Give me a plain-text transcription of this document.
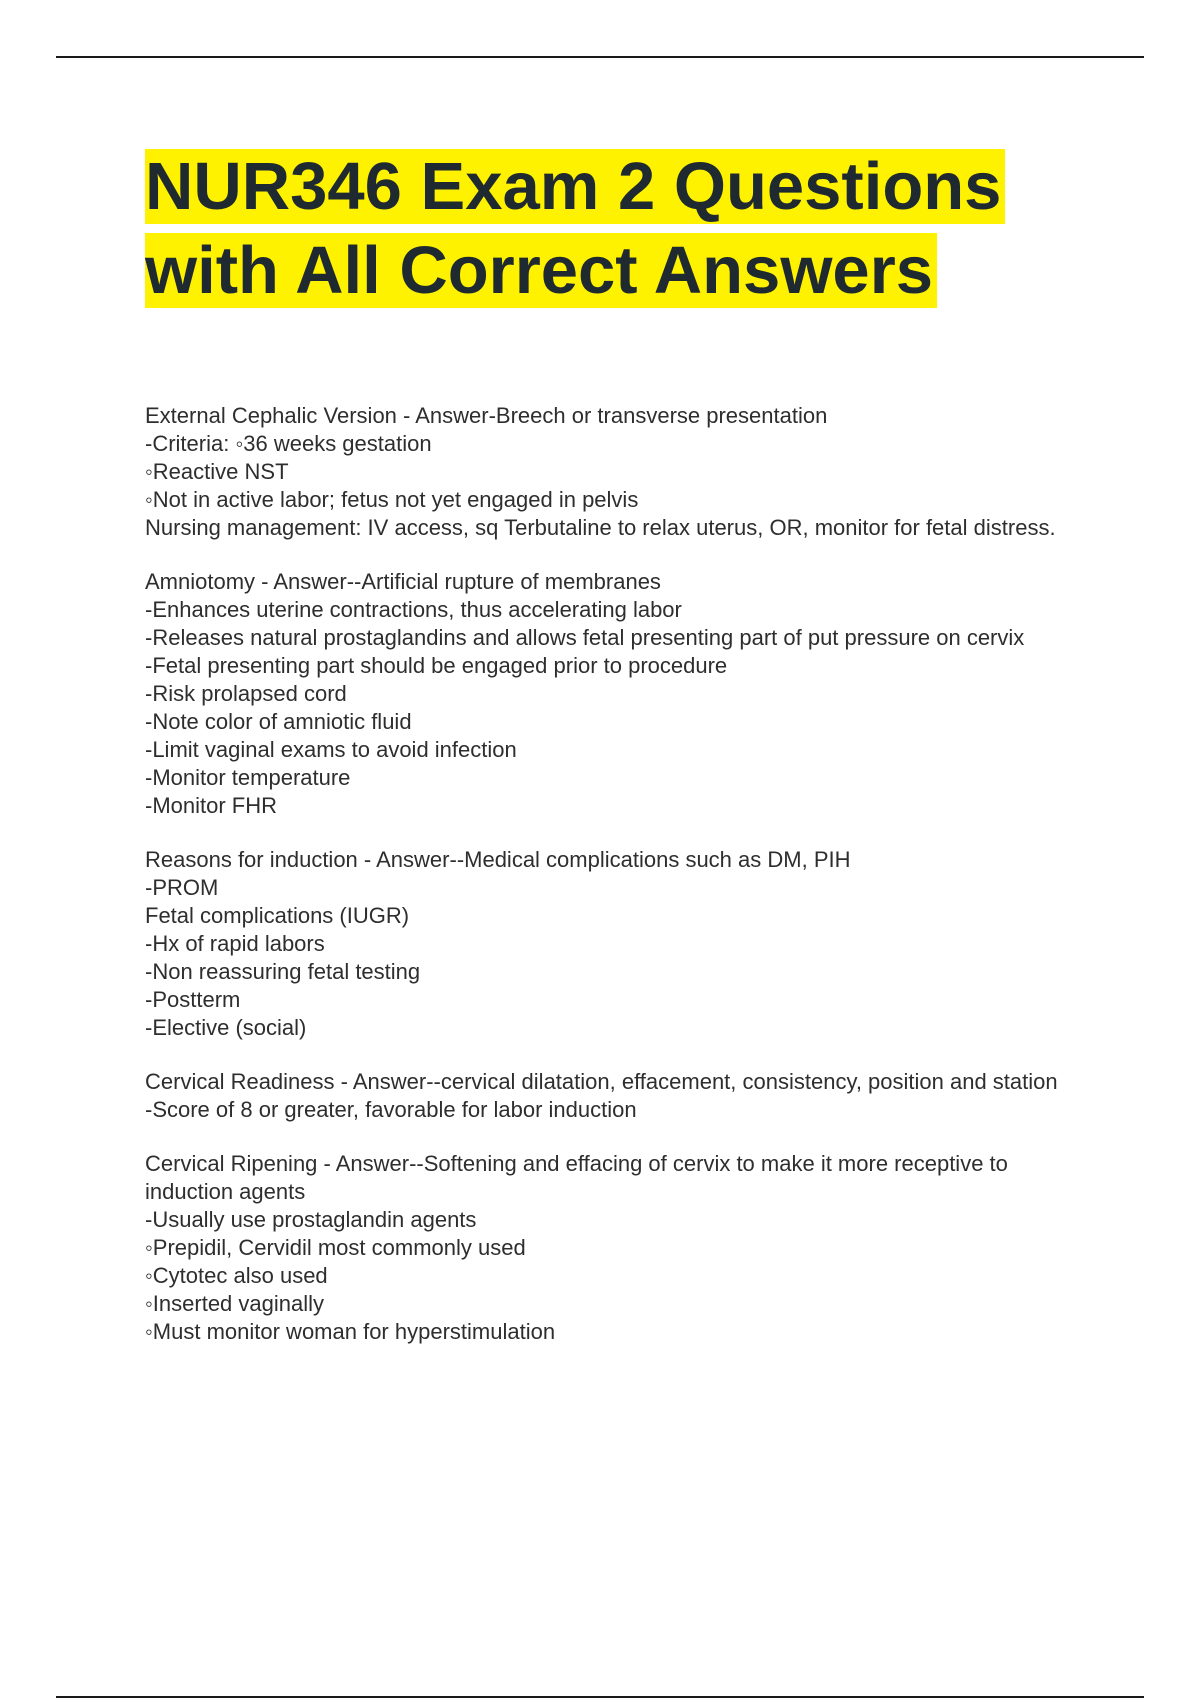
NUR346 Exam 2 Questions
with All Correct Answers

External Cephalic Version - Answer-Breech or transverse presentation

-Criteria: ◦36 weeks gestation

◦Reactive NST

◦Not in active labor; fetus not yet engaged in pelvis

Nursing management: IV access, sq Terbutaline to relax uterus, OR, monitor for fetal distress.

Amniotomy - Answer--Artificial rupture of membranes

-Enhances uterine contractions, thus accelerating labor

-Releases natural prostaglandins and allows fetal presenting part of put pressure on cervix

-Fetal presenting part should be engaged prior to procedure

-Risk prolapsed cord

-Note color of amniotic fluid

-Limit vaginal exams to avoid infection

-Monitor temperature

-Monitor FHR

Reasons for induction - Answer--Medical complications such as DM, PIH

-PROM

Fetal complications (IUGR)

-Hx of rapid labors

-Non reassuring fetal testing

-Postterm

-Elective (social)

Cervical Readiness - Answer--cervical dilatation, effacement, consistency, position and station

-Score of 8 or greater, favorable for labor induction

Cervical Ripening - Answer--Softening and effacing of cervix to make it more receptive to induction agents

-Usually use prostaglandin agents

◦Prepidil, Cervidil most commonly used

◦Cytotec also used

◦Inserted vaginally

◦Must monitor woman for hyperstimulation
